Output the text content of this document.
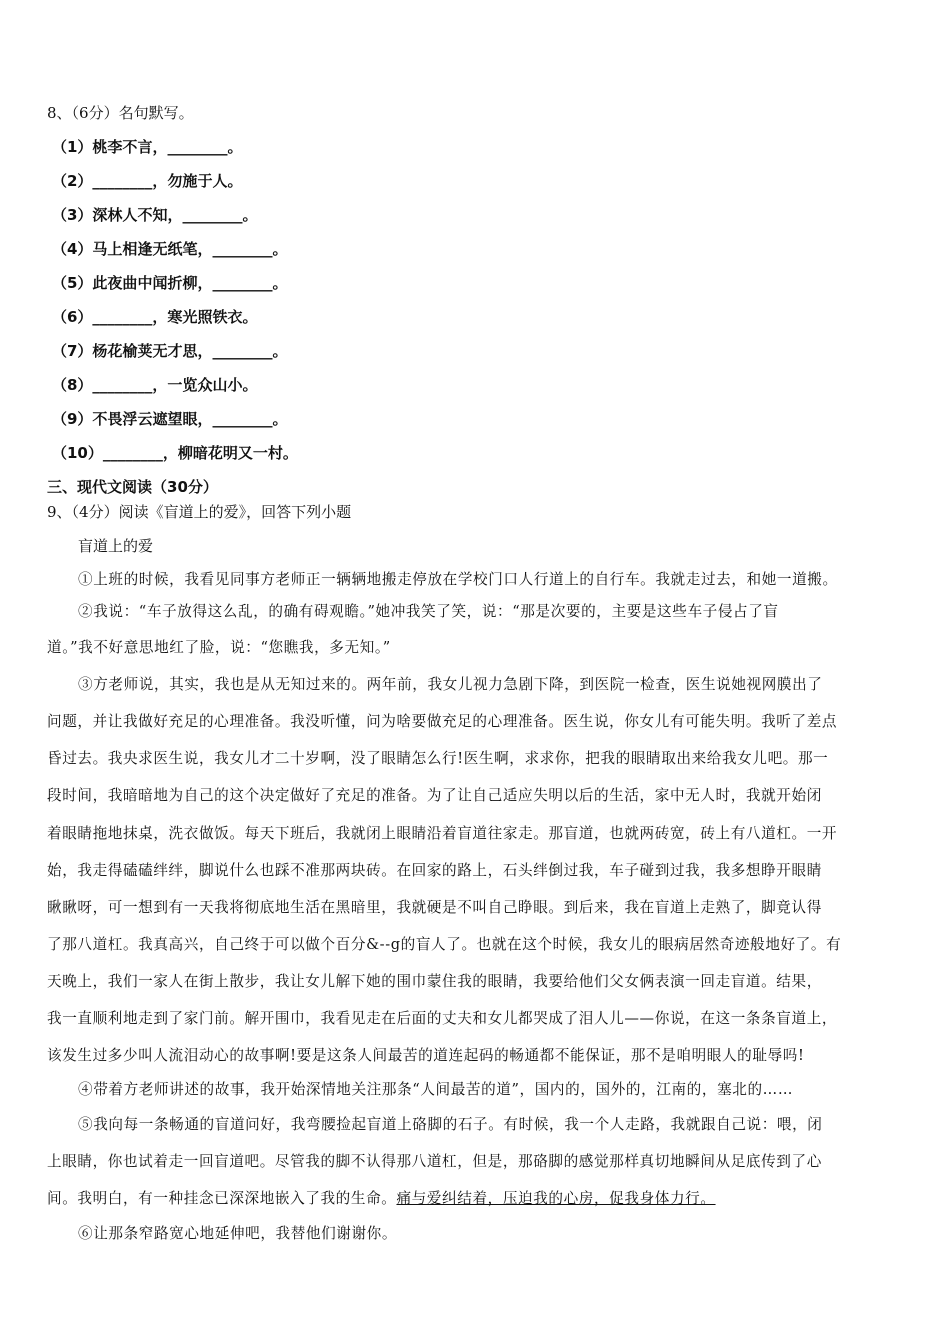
8、（6分）名句默写。
（1）桃李不言，________。
（2）________，勿施于人。
（3）深林人不知，________。
（4）马上相逢无纸笔，________。
（5）此夜曲中闻折柳，________。
（6）________，寒光照铁衣。
（7）杨花榆荚无才思，________。
（8）________，一览众山小。
（9）不畏浮云遮望眼，________。
（10）________，柳暗花明又一村。
三、现代文阅读（30分）
9、（4分）阅读《盲道上的爱》，回答下列小题
盲道上的爱
①上班的时候，我看见同事方老师正一辆辆地搬走停放在学校门口人行道上的自行车。我就走过去，和她一道搬。
②我说：“车子放得这么乱，的确有碍观瞻。”她冲我笑了笑，说：“那是次要的，主要是这些车子侵占了盲
道。”我不好意思地红了脸，说：“您瞧我，多无知。”
③方老师说，其实，我也是从无知过来的。两年前，我女儿视力急剧下降，到医院一检查，医生说她视网膜出了
问题，并让我做好充足的心理准备。我没听懂，问为啥要做充足的心理准备。医生说，你女儿有可能失明。我听了差点
昏过去。我央求医生说，我女儿才二十岁啊，没了眼睛怎么行!医生啊，求求你，把我的眼睛取出来给我女儿吧。那一
段时间，我暗暗地为自己的这个决定做好了充足的准备。为了让自己适应失明以后的生活，家中无人时，我就开始闭
着眼睛拖地抹桌，洗衣做饭。每天下班后，我就闭上眼睛沿着盲道往家走。那盲道，也就两砖宽，砖上有八道杠。一开
始，我走得磕磕绊绊，脚说什么也踩不准那两块砖。在回家的路上，石头绊倒过我，车子碰到过我，我多想睁开眼睛
瞅瞅呀，可一想到有一天我将彻底地生活在黑暗里，我就硬是不叫自己睁眼。到后来，我在盲道上走熟了，脚竟认得
了那八道杠。我真高兴，自己终于可以做个百分&--g的盲人了。也就在这个时候，我女儿的眼病居然奇迹般地好了。有
天晚上，我们一家人在街上散步，我让女儿解下她的围巾蒙住我的眼睛，我要给他们父女俩表演一回走盲道。结果，
我一直顺利地走到了家门前。解开围巾，我看见走在后面的丈夫和女儿都哭成了泪人儿——你说，在这一条条盲道上，
该发生过多少叫人流泪动心的故事啊!要是这条人间最苦的道连起码的畅通都不能保证，那不是咱明眼人的耻辱吗!
④带着方老师讲述的故事，我开始深情地关注那条“人间最苦的道”，国内的，国外的，江南的，塞北的……
⑤我向每一条畅通的盲道问好，我弯腰捡起盲道上硌脚的石子。有时候，我一个人走路，我就跟自己说：喂，闭
上眼睛，你也试着走一回盲道吧。尽管我的脚不认得那八道杠，但是，那硌脚的感觉那样真切地瞬间从足底传到了心
间。我明白，有一种挂念已深深地嵌入了我的生命。痛与爱纠结着，压迫我的心房，促我身体力行。
⑥让那条窄路宽心地延伸吧，我替他们谢谢你。
